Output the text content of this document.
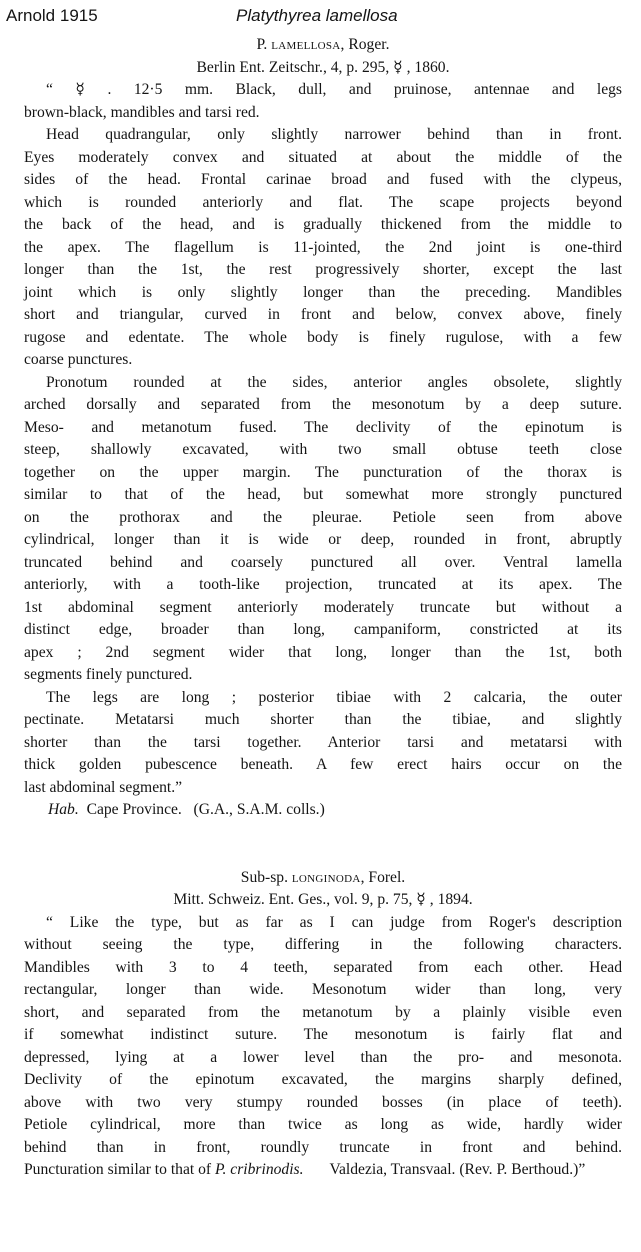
Arnold 1915	Platythyrea lamellosa

P. lamellosa, Roger.

Berlin Ent. Zeitschr., 4, p. 295, ☿ , 1860.

“ ☿ . 12·5 mm. Black, dull, and pruinose, antennae and legs
brown-black, mandibles and tarsi red.
Head quadrangular, only slightly narrower behind than in front.
Eyes moderately convex and situated at about the middle of the
sides of the head. Frontal carinae broad and fused with the clypeus,
which is rounded anteriorly and flat. The scape projects beyond
the back of the head, and is gradually thickened from the middle to
the apex. The flagellum is 11-jointed, the 2nd joint is one-third
longer than the 1st, the rest progressively shorter, except the last
joint which is only slightly longer than the preceding. Mandibles
short and triangular, curved in front and below, convex above, finely
rugose and edentate. The whole body is finely rugulose, with a few
coarse punctures.
Pronotum rounded at the sides, anterior angles obsolete, slightly
arched dorsally and separated from the mesonotum by a deep suture.
Meso- and metanotum fused. The declivity of the epinotum is
steep, shallowly excavated, with two small obtuse teeth close
together on the upper margin. The puncturation of the thorax is
similar to that of the head, but somewhat more strongly punctured
on the prothorax and the pleurae. Petiole seen from above
cylindrical, longer than it is wide or deep, rounded in front, abruptly
truncated behind and coarsely punctured all over. Ventral lamella
anteriorly, with a tooth-like projection, truncated at its apex. The
1st abdominal segment anteriorly moderately truncate but without a
distinct edge, broader than long, campaniform, constricted at its
apex ; 2nd segment wider that long, longer than the 1st, both
segments finely punctured.
The legs are long ; posterior tibiae with 2 calcaria, the outer
pectinate. Metatarsi much shorter than the tibiae, and slightly
shorter than the tarsi together. Anterior tarsi and metatarsi with
thick golden pubescence beneath. A few erect hairs occur on the
last abdominal segment.”

Hab.  Cape Province.   (G.A., S.A.M. colls.)

Sub-sp. longinoda, Forel.

Mitt. Schweiz. Ent. Ges., vol. 9, p. 75, ☿ , 1894.

“ Like the type, but as far as I can judge from Roger's description
without seeing the type, differing in the following characters.
Mandibles with 3 to 4 teeth, separated from each other. Head
rectangular, longer than wide. Mesonotum wider than long, very
short, and separated from the metanotum by a plainly visible even
if somewhat indistinct suture. The mesonotum is fairly flat and
depressed, lying at a lower level than the pro- and mesonota.
Declivity of the epinotum excavated, the margins sharply defined,
above with two very stumpy rounded bosses (in place of teeth).
Petiole cylindrical, more than twice as long as wide, hardly wider
behind than in front, roundly truncate in front and behind.
Puncturation similar to that of P. cribrinodis. Valdezia, Transvaal. (Rev. P. Berthoud.)”
